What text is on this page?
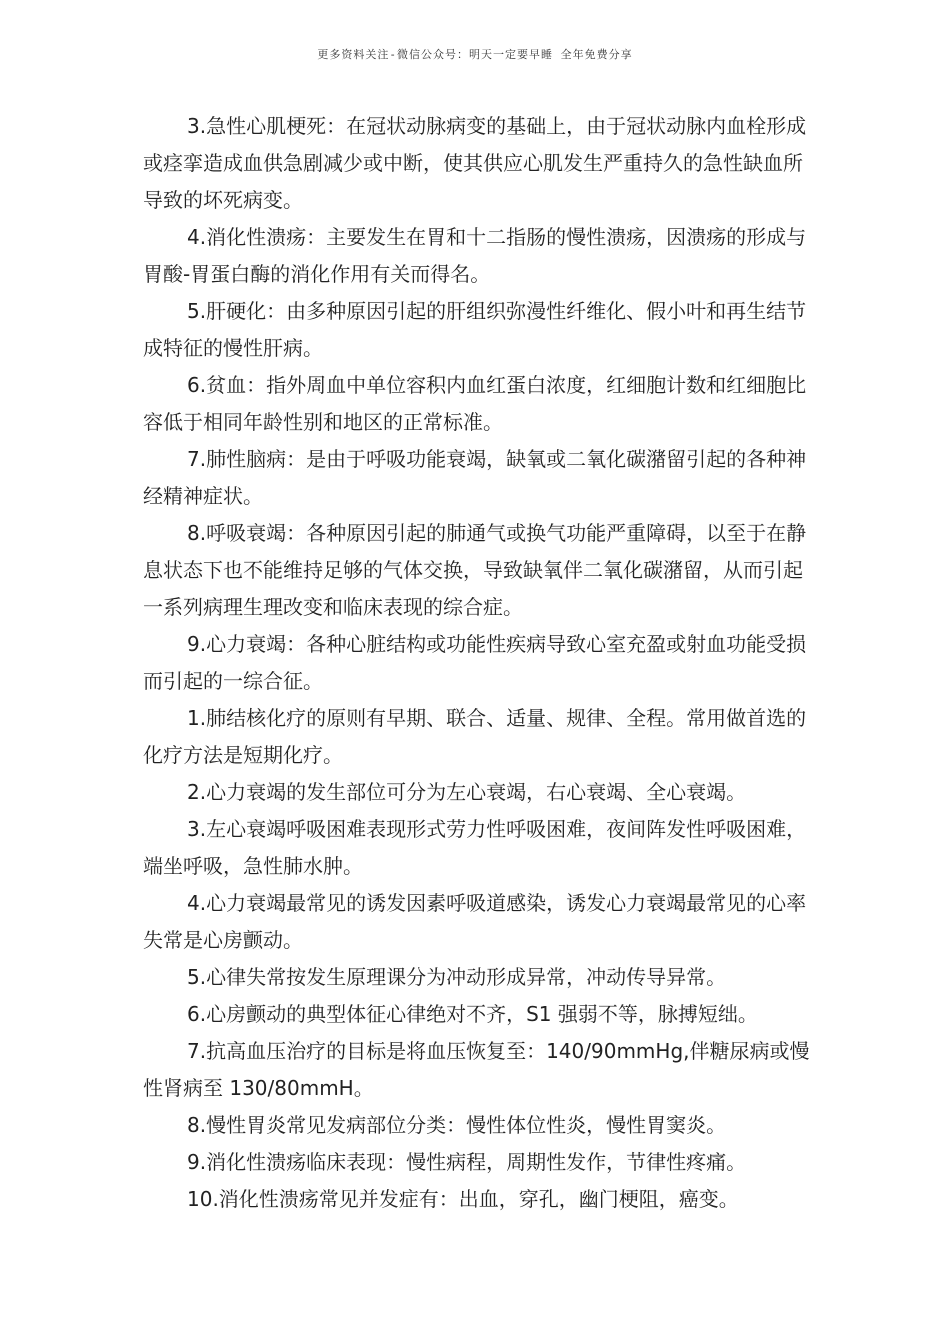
更多资料关注-微信公众号：明天一定要早睡 全年免费分享

3.急性心肌梗死：在冠状动脉病变的基础上，由于冠状动脉内血栓形成或痉挛造成血供急剧减少或中断，使其供应心肌发生严重持久的急性缺血所导致的坏死病变。

4.消化性溃疡：主要发生在胃和十二指肠的慢性溃疡，因溃疡的形成与胃酸-胃蛋白酶的消化作用有关而得名。

5.肝硬化：由多种原因引起的肝组织弥漫性纤维化、假小叶和再生结节成特征的慢性肝病。

6.贫血：指外周血中单位容积内血红蛋白浓度，红细胞计数和红细胞比容低于相同年龄性别和地区的正常标准。

7.肺性脑病：是由于呼吸功能衰竭，缺氧或二氧化碳潴留引起的各种神经精神症状。

8.呼吸衰竭：各种原因引起的肺通气或换气功能严重障碍，以至于在静息状态下也不能维持足够的气体交换，导致缺氧伴二氧化碳潴留，从而引起一系列病理生理改变和临床表现的综合症。

9.心力衰竭：各种心脏结构或功能性疾病导致心室充盈或射血功能受损而引起的一综合征。

1.肺结核化疗的原则有早期、联合、适量、规律、全程。常用做首选的化疗方法是短期化疗。

2.心力衰竭的发生部位可分为左心衰竭，右心衰竭、全心衰竭。

3.左心衰竭呼吸困难表现形式劳力性呼吸困难，夜间阵发性呼吸困难，端坐呼吸，急性肺水肿。

4.心力衰竭最常见的诱发因素呼吸道感染，诱发心力衰竭最常见的心率失常是心房颤动。

5.心律失常按发生原理课分为冲动形成异常，冲动传导异常。

6.心房颤动的典型体征心律绝对不齐，S1 强弱不等，脉搏短绌。

7.抗高血压治疗的目标是将血压恢复至：140/90mmHg,伴糖尿病或慢性肾病至 130/80mmH。

8.慢性胃炎常见发病部位分类：慢性体位性炎，慢性胃窦炎。

9.消化性溃疡临床表现：慢性病程，周期性发作，节律性疼痛。

10.消化性溃疡常见并发症有：出血，穿孔，幽门梗阻，癌变。
